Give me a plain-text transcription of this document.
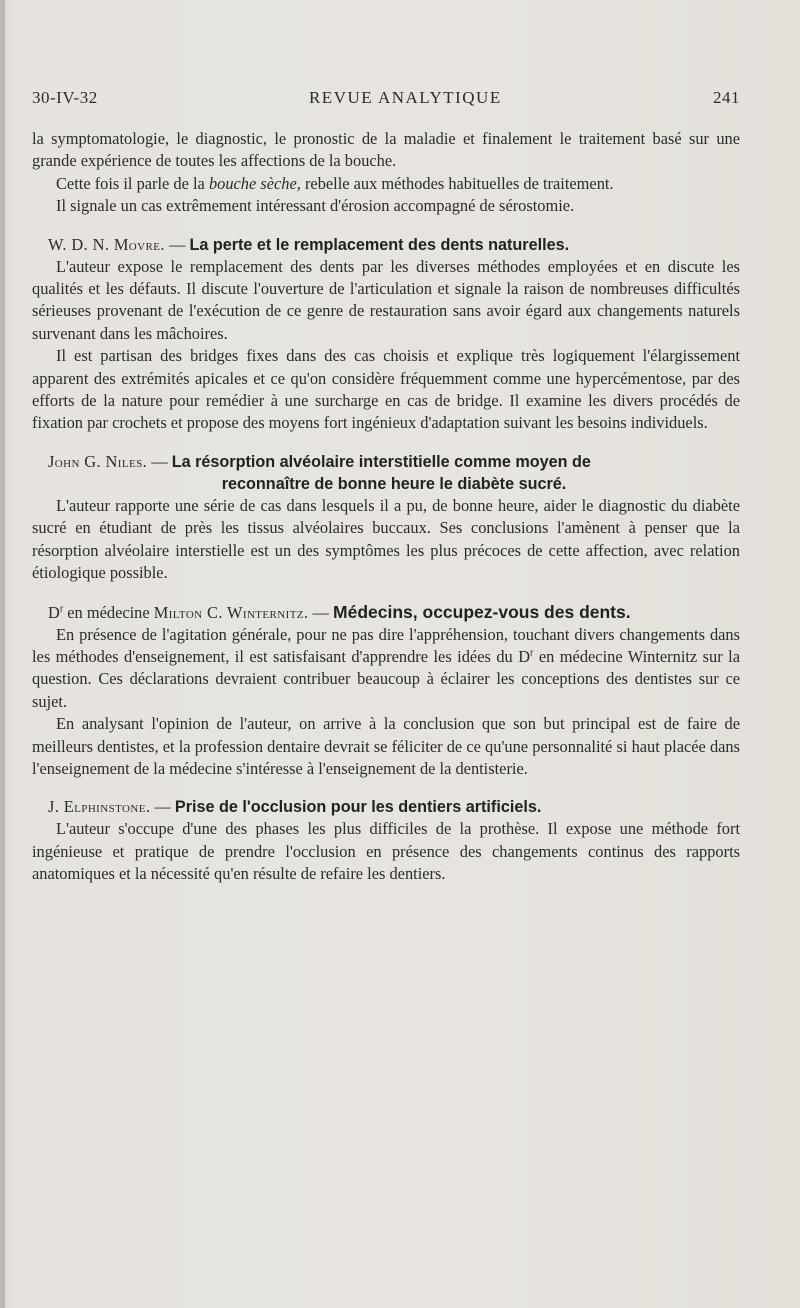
30-IV-32	REVUE ANALYTIQUE	241

la symptomatologie, le diagnostic, le pronostic de la maladie et finalement le traitement basé sur une grande expérience de toutes les affections de la bouche.

Cette fois il parle de la bouche sèche, rebelle aux méthodes habituelles de traitement.

Il signale un cas extrêmement intéressant d'érosion accompagné de sérostomie.

W. D. N. Movre. — La perte et le remplacement des dents naturelles.

L'auteur expose le remplacement des dents par les diverses méthodes employées et en discute les qualités et les défauts. Il discute l'ouverture de l'articulation et signale la raison de nombreuses difficultés sérieuses provenant de l'exécution de ce genre de restauration sans avoir égard aux changements naturels survenant dans les mâchoires.

Il est partisan des bridges fixes dans des cas choisis et explique très logiquement l'élargissement apparent des extrémités apicales et ce qu'on considère fréquemment comme une hypercémentose, par des efforts de la nature pour remédier à une surcharge en cas de bridge. Il examine les divers procédés de fixation par crochets et propose des moyens fort ingénieux d'adaptation suivant les besoins individuels.

John G. Niles. — La résorption alvéolaire interstitielle comme moyen de
reconnaître de bonne heure le diabète sucré.

L'auteur rapporte une série de cas dans lesquels il a pu, de bonne heure, aider le diagnostic du diabète sucré en étudiant de près les tissus alvéolaires buccaux. Ses conclusions l'amènent à penser que la résorption alvéolaire interstielle est un des symptômes les plus précoces de cette affection, avec relation étiologique possible.

$D^r$ en médecine Milton C. Winternitz. — Médecins, occupez-vous des dents.

En présence de l'agitation générale, pour ne pas dire l'appréhension, touchant divers changements dans les méthodes d'enseignement, il est satisfaisant d'apprendre les idées du $D^r$ en médecine Winternitz sur la question. Ces déclarations devraient contribuer beaucoup à éclairer les conceptions des dentistes sur ce sujet.

En analysant l'opinion de l'auteur, on arrive à la conclusion que son but principal est de faire de meilleurs dentistes, et la profession dentaire devrait se féliciter de ce qu'une personnalité si haut placée dans l'enseignement de la médecine s'intéresse à l'enseignement de la dentisterie.

J. Elphinstone. — Prise de l'occlusion pour les dentiers artificiels.

L'auteur s'occupe d'une des phases les plus difficiles de la prothèse. Il expose une méthode fort ingénieuse et pratique de prendre l'occlusion en présence des changements continus des rapports anatomiques et la nécessité qu'en résulte de refaire les dentiers.
